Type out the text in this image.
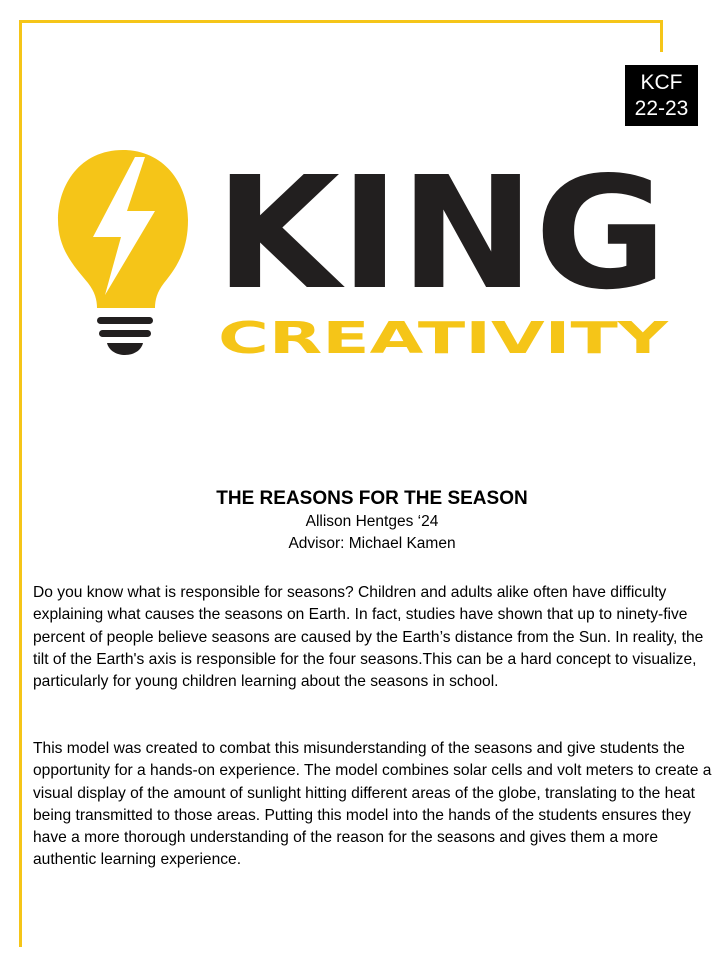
KCF
22-23
KING
CREATIVITY
THE REASONS FOR THE SEASON
Allison Hentges ‘24
Advisor: Michael Kamen

Do you know what is responsible for seasons? Children and adults alike often have difficulty explaining what causes the seasons on Earth. In fact, studies have shown that up to ninety-five percent of people believe seasons are caused by the Earth’s distance from the Sun. In reality, the tilt of the Earth's axis is responsible for the four seasons.This can be a hard concept to visualize, particularly for young children learning about the seasons in school.

This model was created to combat this misunderstanding of the seasons and give students the opportunity for a hands-on experience. The model combines solar cells and volt meters to create a visual display of the amount of sunlight hitting different areas of the globe, translating to the heat being transmitted to those areas. Putting this model into the hands of the students ensures they have a more thorough understanding of the reason for the seasons and gives them a more authentic learning experience.
